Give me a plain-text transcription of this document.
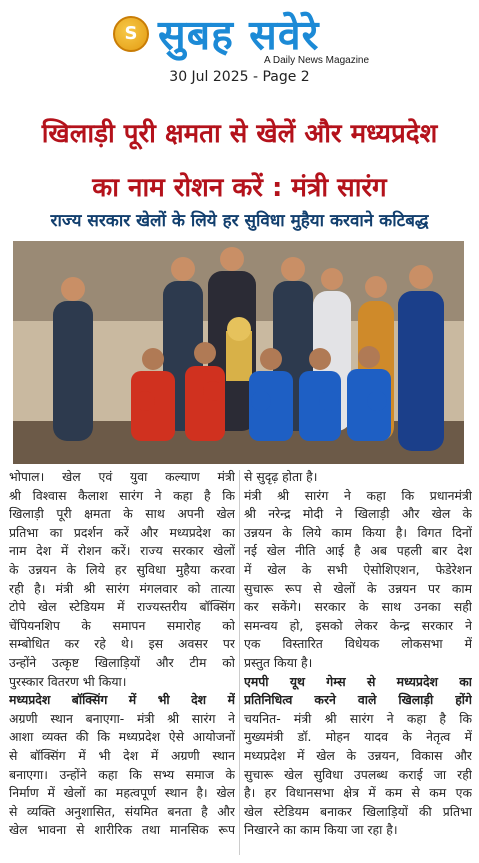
S सुबह सवेरे
A Daily News Magazine
30 Jul 2025 - Page 2
खिलाड़ी पूरी क्षमता से खेलें और मध्यप्रदेश
का नाम रोशन करें : मंत्री सारंग
राज्य सरकार खेलों के लिये हर सुविधा मुहैया करवाने कटिबद्ध
भोपाल। खेल एवं युवा कल्याण मंत्री
श्री विश्वास कैलाश सारंग ने कहा है कि
खिलाड़ी पूरी क्षमता के साथ अपनी खेल
प्रतिभा का प्रदर्शन करें और मध्यप्रदेश का
नाम देश में रोशन करें। राज्य सरकार खेलों
के उन्नयन के लिये हर सुविधा मुहैया करवा
रही है। मंत्री श्री सारंग मंगलवार को तात्या
टोपे खेल स्टेडियम में राज्यस्तरीय बॉक्सिंग
चेंपियनशिप के समापन समारोह को
सम्बोधित कर रहे थे। इस अवसर पर
उन्होंने उत्कृष्ट खिलाड़ियों और टीम को
पुरस्कार वितरण भी किया।
मध्यप्रदेश बॉक्सिंग में भी देश में
अग्रणी स्थान बनाएगा- मंत्री श्री सारंग ने
आशा व्यक्त की कि मध्यप्रदेश ऐसे आयोजनों
से बॉक्सिंग में भी देश में अग्रणी स्थान
बनाएगा। उन्होंने कहा कि सभ्य समाज के
निर्माण में खेलों का महत्वपूर्ण स्थान है। खेल
से व्यक्ति अनुशासित, संयमित बनता है और
खेल भावना से शारीरिक तथा मानसिक रूप
से सुदृढ़ होता है।
मंत्री श्री सारंग ने कहा कि प्रधानमंत्री
श्री नरेन्द्र मोदी ने खिलाड़ी और खेल के
उन्नयन के लिये काम किया है। विगत दिनों
नई खेल नीति आई है अब पहली बार देश
में खेल के सभी ऐसोशिएशन, फेडेरेशन
सुचारू रूप से खेलों के उन्नयन पर काम
कर सकेंगे। सरकार के साथ उनका सही
समन्वय हो, इसको लेकर केन्द्र सरकार ने
एक विस्तारित विधेयक लोकसभा में
प्रस्तुत किया है।
एमपी यूथ गेम्स से मध्यप्रदेश का
प्रतिनिधित्व करने वाले खिलाड़ी होंगे
चयनित- मंत्री श्री सारंग ने कहा है कि
मुख्यमंत्री डॉ. मोहन यादव के नेतृत्व में
मध्यप्रदेश में खेल के उन्नयन, विकास और
सुचारू खेल सुविधा उपलब्ध कराई जा रही
है। हर विधानसभा क्षेत्र में कम से कम एक
खेल स्टेडियम बनाकर खिलाड़ियों की प्रतिभा
निखारने का काम किया जा रहा है।
